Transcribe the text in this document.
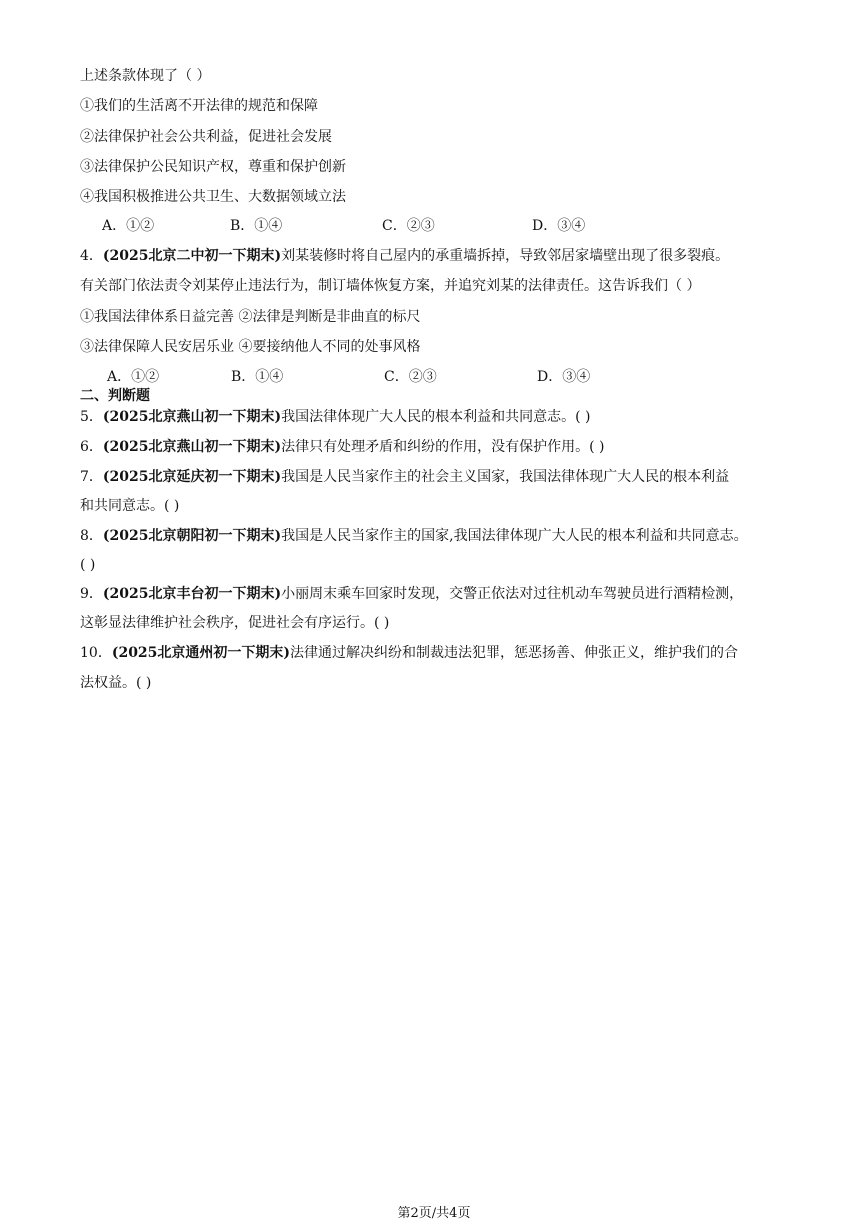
上述条款体现了（ ）
①我们的生活离不开法律的规范和保障
②法律保护社会公共利益，促进社会发展
③法律保护公民知识产权，尊重和保护创新
④我国积极推进公共卫生、大数据领域立法
A．①②	B．①④	C．②③	D．③④
4．(2025北京二中初一下期末)刘某装修时将自己屋内的承重墙拆掉，导致邻居家墙壁出现了很多裂痕。
有关部门依法责令刘某停止违法行为，制订墙体恢复方案，并追究刘某的法律责任。这告诉我们（ ）
①我国法律体系日益完善 ②法律是判断是非曲直的标尺
③法律保障人民安居乐业 ④要接纳他人不同的处事风格
A．①②	B．①④	C．②③	D．③④
二、判断题
5．(2025北京燕山初一下期末)我国法律体现广大人民的根本利益和共同意志。( )
6．(2025北京燕山初一下期末)法律只有处理矛盾和纠纷的作用，没有保护作用。( )
7．(2025北京延庆初一下期末)我国是人民当家作主的社会主义国家，我国法律体现广大人民的根本利益
和共同意志。( )
8．(2025北京朝阳初一下期末)我国是人民当家作主的国家,我国法律体现广大人民的根本利益和共同意志。
( )
9．(2025北京丰台初一下期末)小丽周末乘车回家时发现，交警正依法对过往机动车驾驶员进行酒精检测，
这彰显法律维护社会秩序，促进社会有序运行。( )
10．(2025北京通州初一下期末)法律通过解决纠纷和制裁违法犯罪，惩恶扬善、伸张正义，维护我们的合
法权益。( )
第2页/共4页
